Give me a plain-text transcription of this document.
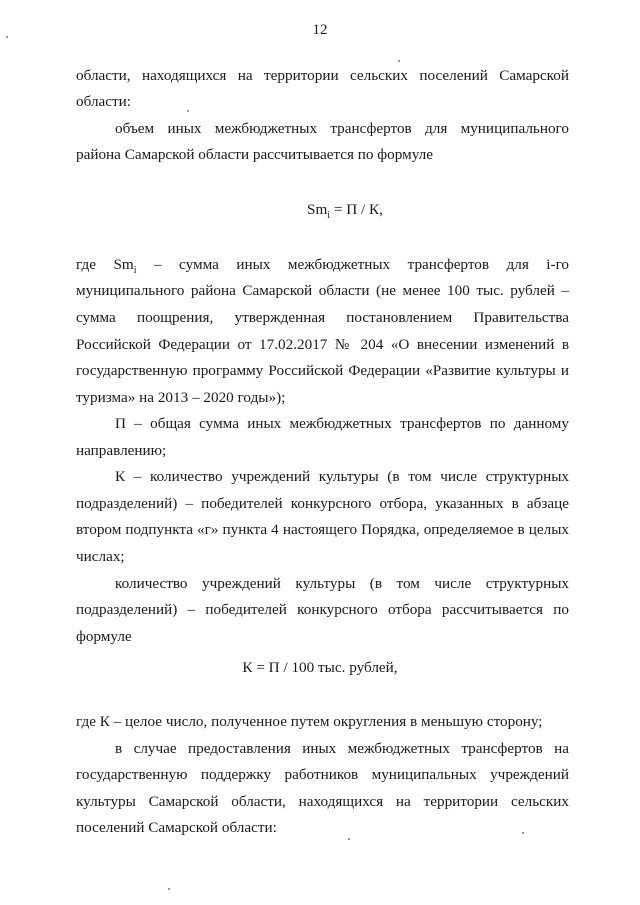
12
области, находящихся на территории сельских поселений Самарской
области:
объем иных межбюджетных трансфертов для муниципального
района Самарской области рассчитывается по формуле
$Sm_i = П / К$,
где $Sm_i$ – сумма иных межбюджетных трансфертов для i-го
муниципального района Самарской области (не менее 100 тыс. рублей –
сумма поощрения, утвержденная постановлением Правительства
Российской Федерации от 17.02.2017 № 204 «О внесении изменений в
государственную программу Российской Федерации «Развитие культуры и
туризма» на 2013 – 2020 годы»);
П – общая сумма иных межбюджетных трансфертов по данному
направлению;
К – количество учреждений культуры (в том числе структурных
подразделений) – победителей конкурсного отбора, указанных в абзаце
втором подпункта «г» пункта 4 настоящего Порядка, определяемое в целых
числах;
количество учреждений культуры (в том числе структурных
подразделений) – победителей конкурсного отбора рассчитывается по
формуле
К = П / 100 тыс. рублей,
где К – целое число, полученное путем округления в меньшую сторону;
в случае предоставления иных межбюджетных трансфертов на
государственную поддержку работников муниципальных учреждений
культуры Самарской области, находящихся на территории сельских
поселений Самарской области:
